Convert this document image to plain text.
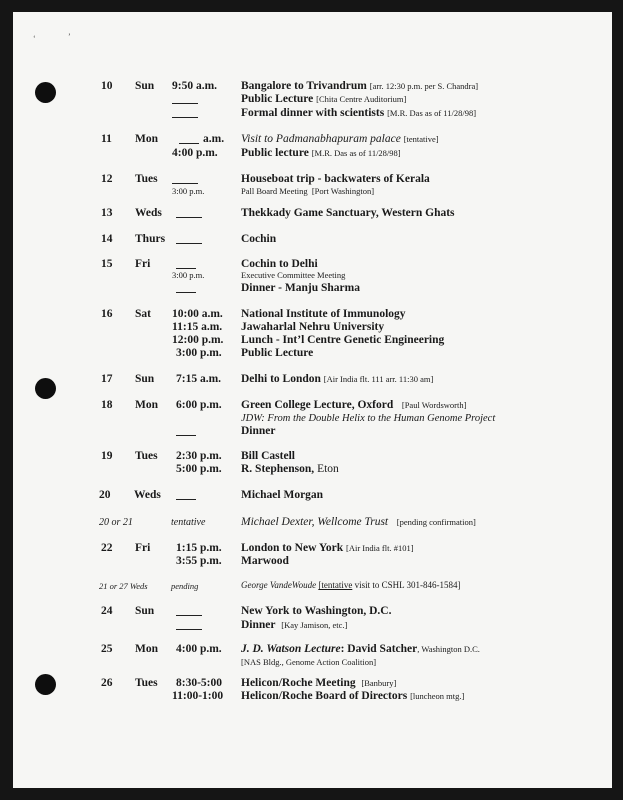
‘	’
10 Sun 9:50 a.m. Bangalore to Trivandrum [arr. 12:30 p.m. per S. Chandra]
Public Lecture [Chita Centre Auditorium]
Formal dinner with scientists [M.R. Das as of 11/28/98]
11 Mon	a.m. Visit to Padmanabhapuram palace [tentative]
4:00 p.m. Public lecture [M.R. Das as of 11/28/98]
12 Tues	Houseboat trip - backwaters of Kerala
3:00 p.m.	Pall Board Meeting [Port Washington]
13 Weds	Thekkady Game Sanctuary, Western Ghats
14 Thurs	Cochin
15 Fri	Cochin to Delhi
3:00 p.m.	Executive Committee Meeting
Dinner - Manju Sharma
16 Sat 10:00 a.m. National Institute of Immunology
11:15 a.m. Jawaharlal Nehru University
12:00 p.m. Lunch - Int’l Centre Genetic Engineering
3:00 p.m. Public Lecture
17 Sun 7:15 a.m. Delhi to London [Air India flt. 111 arr. 11:30 am]
18 Mon 6:00 p.m. Green College Lecture, Oxford [Paul Wordsworth]
JDW: From the Double Helix to the Human Genome Project
Dinner
19 Tues 2:30 p.m. Bill Castell
5:00 p.m. R. Stephenson, Eton
20 Weds	Michael Morgan
20 or 21	tentative	Michael Dexter, Wellcome Trust [pending confirmation]
22 Fri 1:15 p.m. London to New York [Air India flt. #101]
3:55 p.m. Marwood
21 or 27 Weds	pending	George VandeWoude [tentative visit to CSHL 301-846-1584]
24 Sun	New York to Washington, D.C.
Dinner [Kay Jamison, etc.]
25 Mon 4:00 p.m. J. D. Watson Lecture: David Satcher, Washington D.C.
[NAS Bldg., Genome Action Coalition]
26 Tues 8:30-5:00 Helicon/Roche Meeting [Banbury]
11:00-1:00 Helicon/Roche Board of Directors [luncheon mtg.]
